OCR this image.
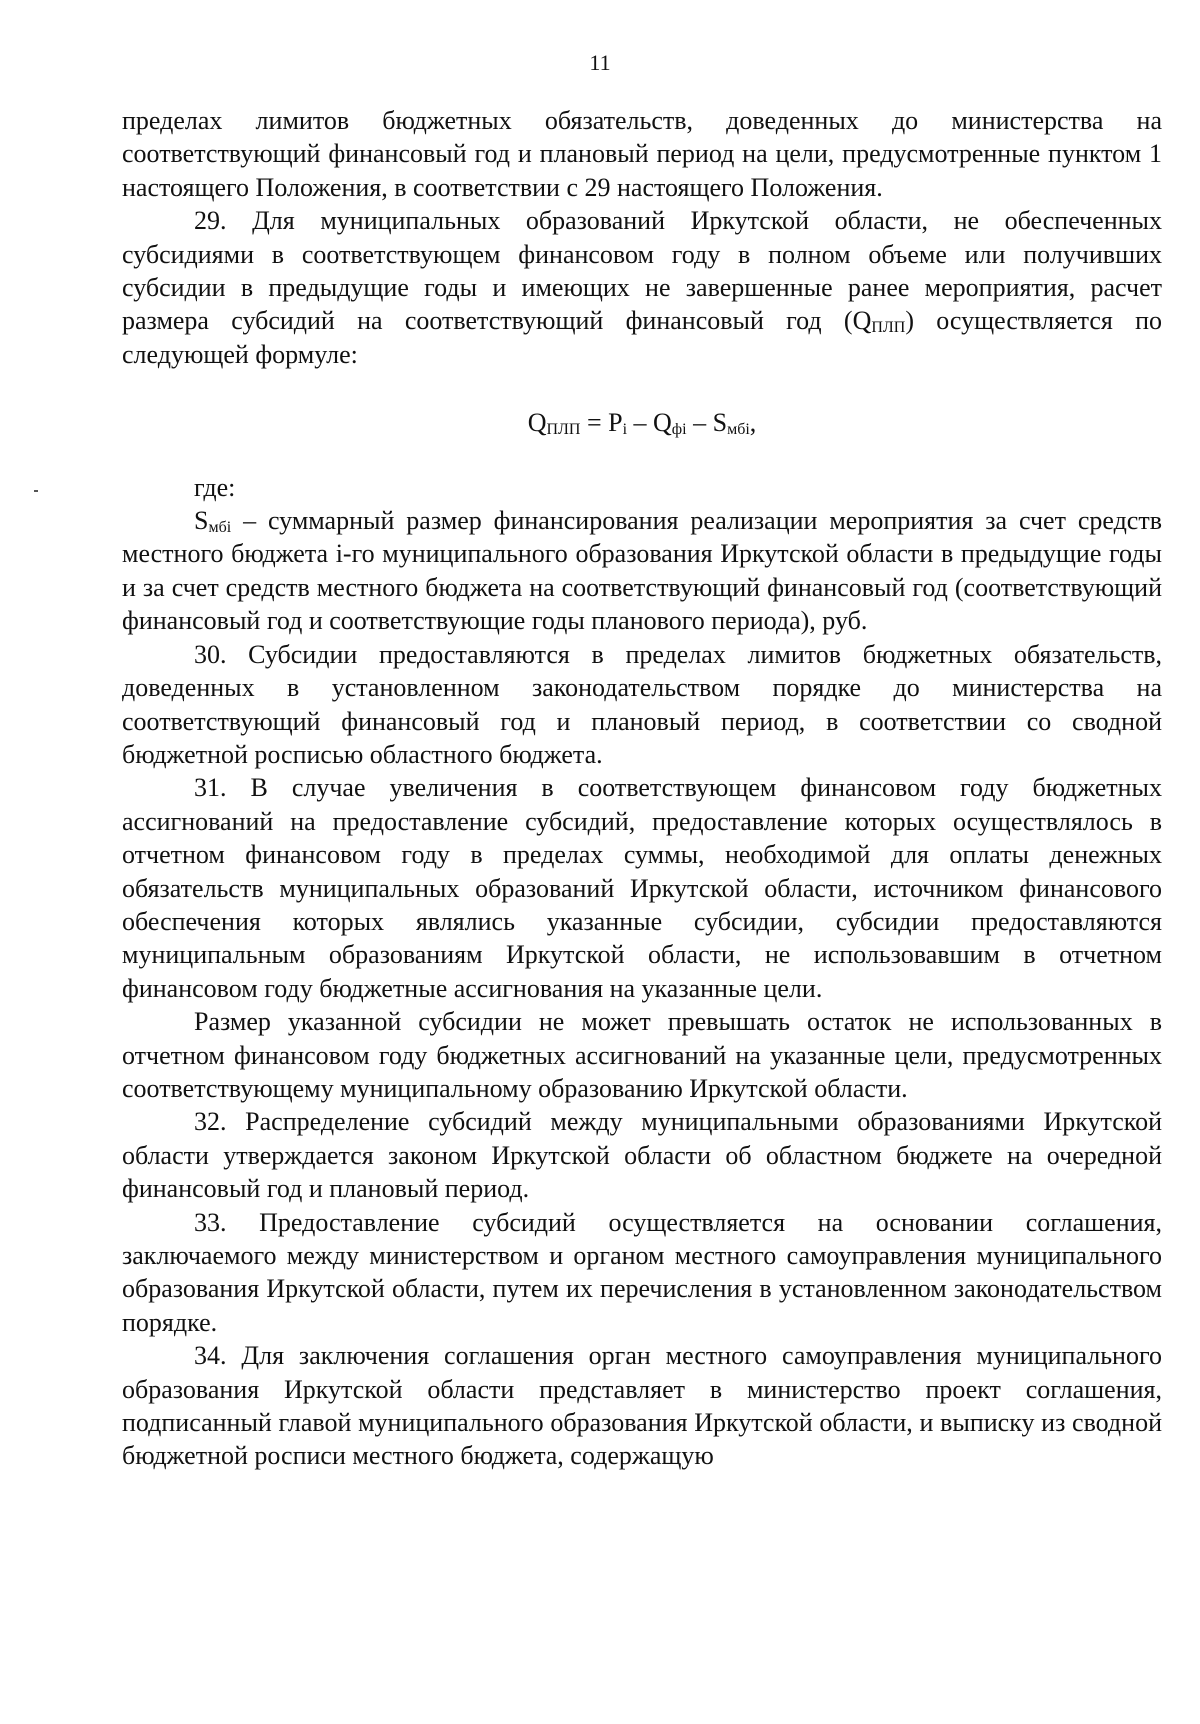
11

пределах лимитов бюджетных обязательств, доведенных до министерства на соответствующий финансовый год и плановый период на цели, предусмотренные пунктом 1 настоящего Положения, в соответствии с 29 настоящего Положения.

29. Для муниципальных образований Иркутской области, не обеспеченных субсидиями в соответствующем финансовом году в полном объеме или получивших субсидии в предыдущие годы и имеющих не завершенные ранее мероприятия, расчет размера субсидий на соответствующий финансовый год $(Q_{ПЛП})$ осуществляется по следующей формуле:

$Q_{ПЛП} = P_i - Q_{фi} - S_{мбi}$,

где:

$S_{мбi}$ – суммарный размер финансирования реализации мероприятия за счет средств местного бюджета i-го муниципального образования Иркутской области в предыдущие годы и за счет средств местного бюджета на соответствующий финансовый год (соответствующий финансовый год и соответствующие годы планового периода), руб.

30. Субсидии предоставляются в пределах лимитов бюджетных обязательств, доведенных в установленном законодательством порядке до министерства на соответствующий финансовый год и плановый период, в соответствии со сводной бюджетной росписью областного бюджета.

31. В случае увеличения в соответствующем финансовом году бюджетных ассигнований на предоставление субсидий, предоставление которых осуществлялось в отчетном финансовом году в пределах суммы, необходимой для оплаты денежных обязательств муниципальных образований Иркутской области, источником финансового обеспечения которых являлись указанные субсидии, субсидии предоставляются муниципальным образованиям Иркутской области, не использовавшим в отчетном финансовом году бюджетные ассигнования на указанные цели.

Размер указанной субсидии не может превышать остаток не использованных в отчетном финансовом году бюджетных ассигнований на указанные цели, предусмотренных соответствующему муниципальному образованию Иркутской области.

32. Распределение субсидий между муниципальными образованиями Иркутской области утверждается законом Иркутской области об областном бюджете на очередной финансовый год и плановый период.

33. Предоставление субсидий осуществляется на основании соглашения, заключаемого между министерством и органом местного самоуправления муниципального образования Иркутской области, путем их перечисления в установленном законодательством порядке.

34. Для заключения соглашения орган местного самоуправления муниципального образования Иркутской области представляет в министерство проект соглашения, подписанный главой муниципального образования Иркутской области, и выписку из сводной бюджетной росписи местного бюджета, содержащую
